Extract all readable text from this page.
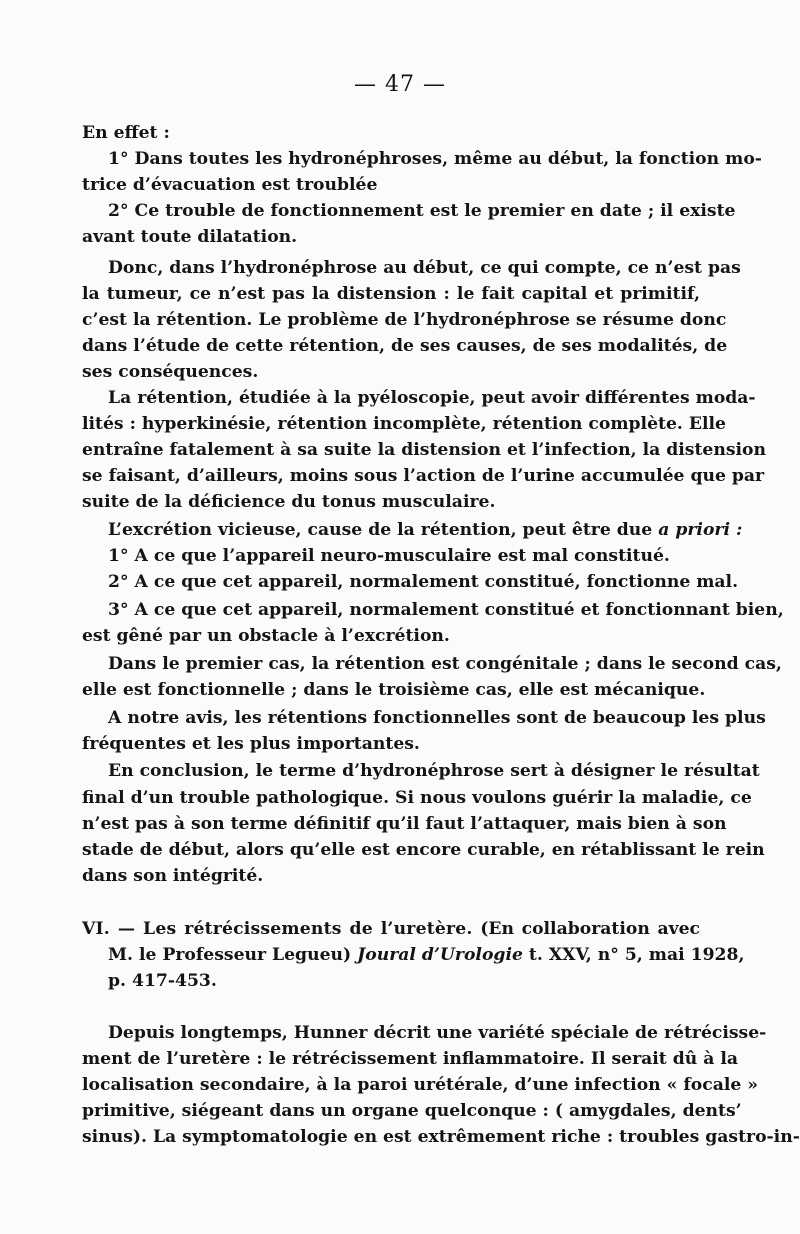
— 47 —
En effet :
1° Dans toutes les hydronéphroses, même au début, la fonction mo-
trice d’évacuation est troublée
2° Ce trouble de fonctionnement est le premier en date ; il existe
avant toute dilatation.
Donc, dans l’hydronéphrose au début, ce qui compte, ce n’est pas
la tumeur, ce n’est pas la distension : le fait capital et primitif,
c’est la rétention. Le problème de l’hydronéphrose se résume donc
dans l’étude de cette rétention, de ses causes, de ses modalités, de
ses conséquences.
La rétention, étudiée à la pyéloscopie, peut avoir différentes moda-
lités : hyperkinésie, rétention incomplète, rétention complète. Elle
entraîne fatalement à sa suite la distension et l’infection, la distension
se faisant, d’ailleurs, moins sous l’action de l’urine accumulée que par
suite de la déficience du tonus musculaire.
L’excrétion vicieuse, cause de la rétention, peut être due a priori :
1° A ce que l’appareil neuro-musculaire est mal constitué.
2° A ce que cet appareil, normalement constitué, fonctionne mal.
3° A ce que cet appareil, normalement constitué et fonctionnant bien,
est gêné par un obstacle à l’excrétion.
Dans le premier cas, la rétention est congénitale ; dans le second cas,
elle est fonctionnelle ; dans le troisième cas, elle est mécanique.
A notre avis, les rétentions fonctionnelles sont de beaucoup les plus
fréquentes et les plus importantes.
En conclusion, le terme d’hydronéphrose sert à désigner le résultat
final d’un trouble pathologique. Si nous voulons guérir la maladie, ce
n’est pas à son terme définitif qu’il faut l’attaquer, mais bien à son
stade de début, alors qu’elle est encore curable, en rétablissant le rein
dans son intégrité.
VI. — Les rétrécissements de l’uretère. (En collaboration avec
M. le Professeur Legueu) Joural d’Urologie t. XXV, n° 5, mai 1928,
p. 417-453.
Depuis longtemps, Hunner décrit une variété spéciale de rétrécisse-
ment de l’uretère : le rétrécissement inflammatoire. Il serait dû à la
localisation secondaire, à la paroi urétérale, d’une infection « focale »
primitive, siégeant dans un organe quelconque : ( amygdales, dents’
sinus). La symptomatologie en est extrêmement riche : troubles gastro-in-
